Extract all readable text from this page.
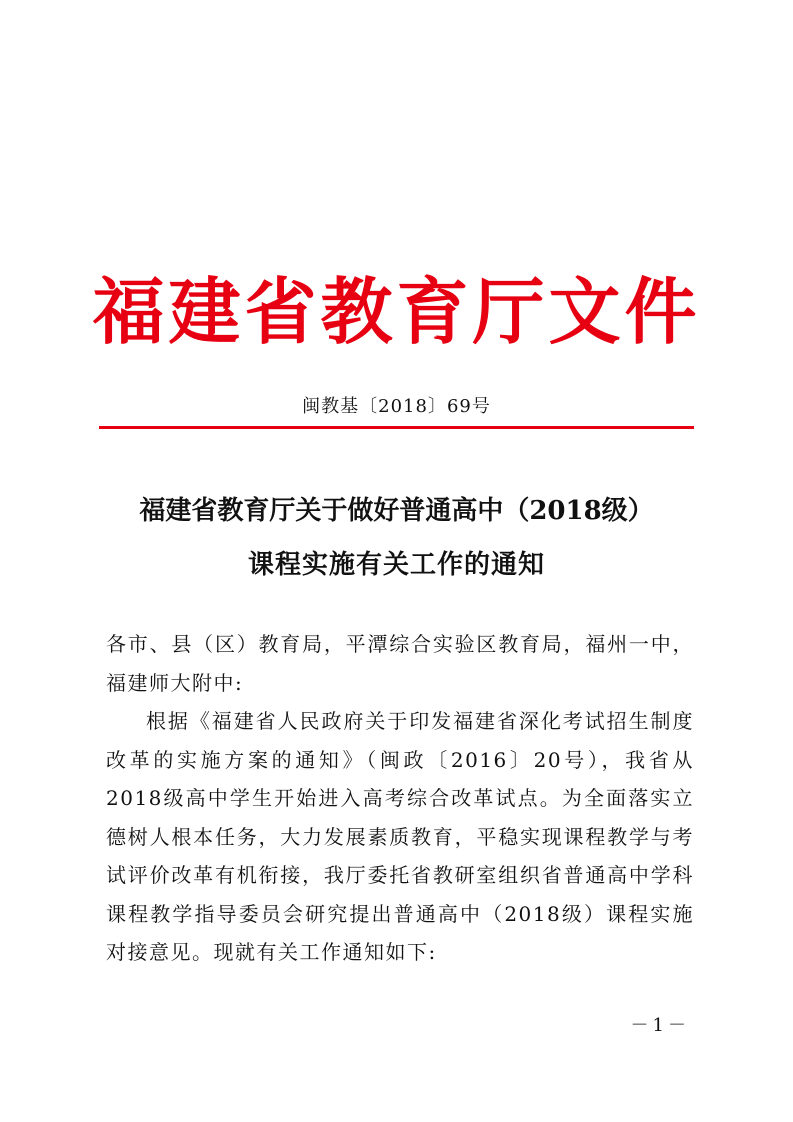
福建省教育厅文件
闽教基〔2018〕69号
福建省教育厅关于做好普通高中（2018级）
课程实施有关工作的通知

各市、县（区）教育局，平潭综合实验区教育局，福州一中，福建师大附中:

根据《福建省人民政府关于印发福建省深化考试招生制度改革的实施方案的通知》（闽政〔2016〕20号），我省从2018级高中学生开始进入高考综合改革试点。为全面落实立德树人根本任务，大力发展素质教育，平稳实现课程教学与考试评价改革有机衔接，我厅委托省教研室组织省普通高中学科课程教学指导委员会研究提出普通高中（2018级）课程实施对接意见。现就有关工作通知如下:

－1－
